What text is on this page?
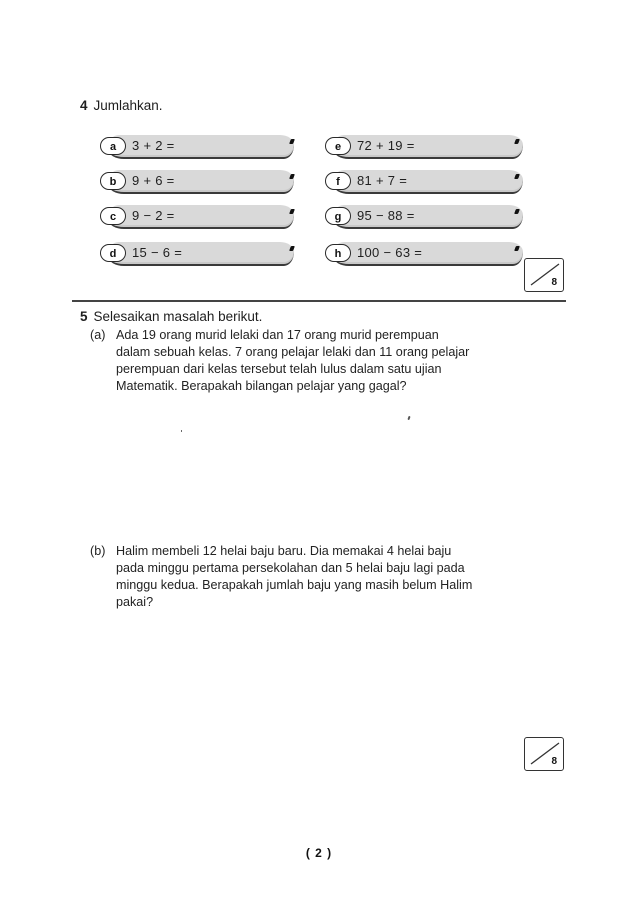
4 Jumlahkan.
a	3 + 2 =
b	9 + 6 =
c	9 − 2 =
d	15 − 6 =
e	72 + 19 =
f	81 + 7 =
g	95 − 88 =
h	100 − 63 =
8
5 Selesaikan masalah berikut.
(a) Ada 19 orang murid lelaki dan 17 orang murid perempuan
dalam sebuah kelas. 7 orang pelajar lelaki dan 11 orang pelajar
perempuan dari kelas tersebut telah lulus dalam satu ujian
Matematik. Berapakah bilangan pelajar yang gagal?
(b) Halim membeli 12 helai baju baru. Dia memakai 4 helai baju
pada minggu pertama persekolahan dan 5 helai baju lagi pada
minggu kedua. Berapakah jumlah baju yang masih belum Halim
pakai?
8
( 2 )
